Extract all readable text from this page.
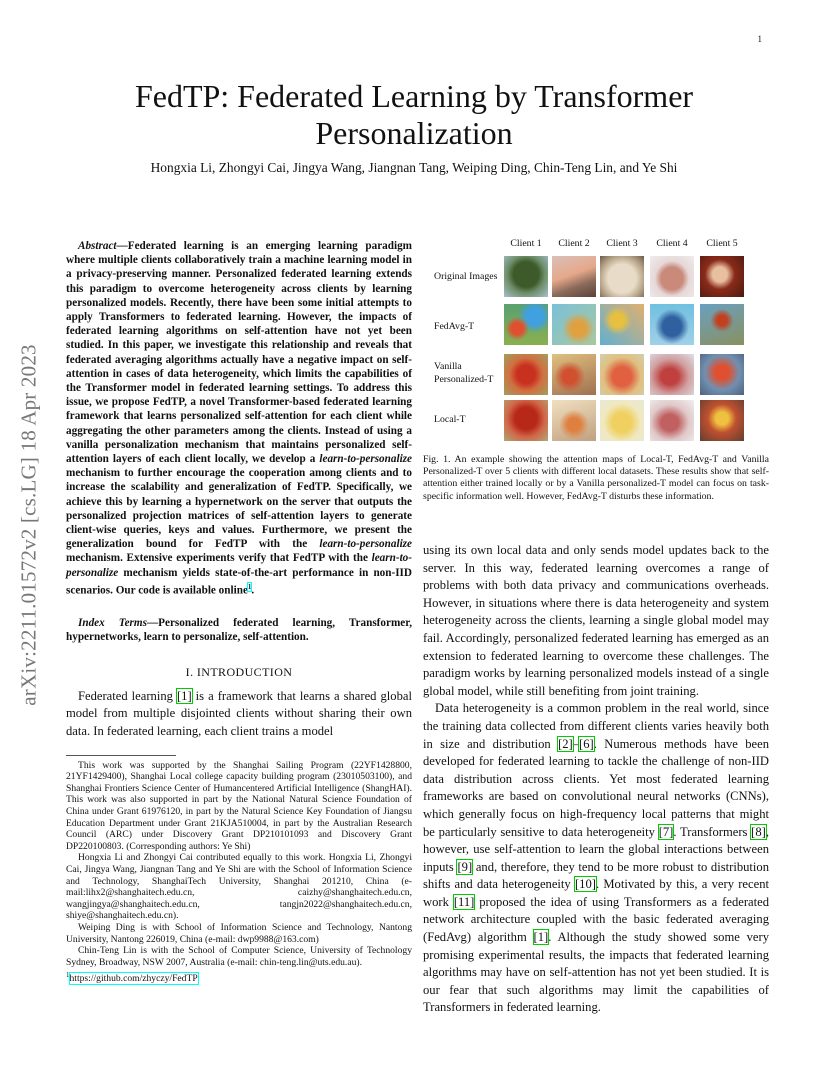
1
arXiv:2211.01572v2 [cs.LG] 18 Apr 2023
FedTP: Federated Learning by Transformer Personalization
Hongxia Li, Zhongyi Cai, Jingya Wang, Jiangnan Tang, Weiping Ding, Chin-Teng Lin, and Ye Shi

Abstract—Federated learning is an emerging learning paradigm where multiple clients collaboratively train a machine learning model in a privacy-preserving manner. Personalized federated learning extends this paradigm to overcome heterogeneity across clients by learning personalized models. Recently, there have been some initial attempts to apply Transformers to federated learning. However, the impacts of federated learning algorithms on self-attention have not yet been studied. In this paper, we investigate this relationship and reveals that federated averaging algorithms actually have a negative impact on self-attention in cases of data heterogeneity, which limits the capabilities of the Transformer model in federated learning settings. To address this issue, we propose FedTP, a novel Transformer-based federated learning framework that learns personalized self-attention for each client while aggregating the other parameters among the clients. Instead of using a vanilla personalization mechanism that maintains personalized self-attention layers of each client locally, we develop a learn-to-personalize mechanism to further encourage the cooperation among clients and to increase the scalability and generalization of FedTP. Specifically, we achieve this by learning a hypernetwork on the server that outputs the personalized projection matrices of self-attention layers to generate client-wise queries, keys and values. Furthermore, we present the generalization bound for FedTP with the learn-to-personalize mechanism. Extensive experiments verify that FedTP with the learn-to-personalize mechanism yields state-of-the-art performance in non-IID scenarios. Our code is available online$^1$.

Index Terms—Personalized federated learning, Transformer, hypernetworks, learn to personalize, self-attention.

I. INTRODUCTION

Federated learning [1] is a framework that learns a shared global model from multiple disjointed clients without sharing their own data. In federated learning, each client trains a model

This work was supported by the Shanghai Sailing Program (22YF1428800, 21YF1429400), Shanghai Local college capacity building program (23010503100), and Shanghai Frontiers Science Center of Humancentered Artificial Intelligence (ShangHAI). This work was also supported in part by the National Natural Science Foundation of China under Grant 61976120, in part by the Natural Science Key Foundation of Jiangsu Education Department under Grant 21KJA510004, in part by the Australian Research Council (ARC) under Discovery Grant DP210101093 and Discovery Grant DP220100803. (Corresponding authors: Ye Shi)

Hongxia Li and Zhongyi Cai contributed equally to this work. Hongxia Li, Zhongyi Cai, Jingya Wang, Jiangnan Tang and Ye Shi are with the School of Information Science and Technology, ShanghaiTech University, Shanghai 201210, China (e-mail:lihx2@shanghaitech.edu.cn, caizhy@shanghaitech.edu.cn, wangjingya@shanghaitech.edu.cn, tangjn2022@shanghaitech.edu.cn, shiye@shanghaitech.edu.cn).

Weiping Ding is with School of Information Science and Technology, Nantong University, Nantong 226019, China (e-mail: dwp9988@163.com)

Chin-Teng Lin is with the School of Computer Science, University of Technology Sydney, Broadway, NSW 2007, Australia (e-mail: chin-teng.lin@uts.edu.au).

$^1$https://github.com/zhyczy/FedTP

Client 1	Client 2	Client 3	Client 4	Client 5
Original Images
FedAvg-T
Vanilla Personalized-T
Local-T
Fig. 1. An example showing the attention maps of Local-T, FedAvg-T and Vanilla Personalized-T over 5 clients with different local datasets. These results show that self-attention either trained locally or by a Vanilla personalized-T model can focus on task-specific information well. However, FedAvg-T disturbs these information.

using its own local data and only sends model updates back to the server. In this way, federated learning overcomes a range of problems with both data privacy and communications overheads. However, in situations where there is data heterogeneity and system heterogeneity across the clients, learning a single global model may fail. Accordingly, personalized federated learning has emerged as an extension to federated learning to overcome these challenges. The paradigm works by learning personalized models instead of a single global model, while still benefiting from joint training.

Data heterogeneity is a common problem in the real world, since the training data collected from different clients varies heavily both in size and distribution [2]–[6]. Numerous methods have been developed for federated learning to tackle the challenge of non-IID data distribution across clients. Yet most federated learning frameworks are based on convolutional neural networks (CNNs), which generally focus on high-frequency local patterns that might be particularly sensitive to data heterogeneity [7]. Transformers [8], however, use self-attention to learn the global interactions between inputs [9] and, therefore, they tend to be more robust to distribution shifts and data heterogeneity [10]. Motivated by this, a very recent work [11] proposed the idea of using Transformers as a federated network architecture coupled with the basic federated averaging (FedAvg) algorithm [1]. Although the study showed some very promising experimental results, the impacts that federated learning algorithms may have on self-attention has not yet been studied. It is our fear that such algorithms may limit the capabilities of Transformers in federated learning.
